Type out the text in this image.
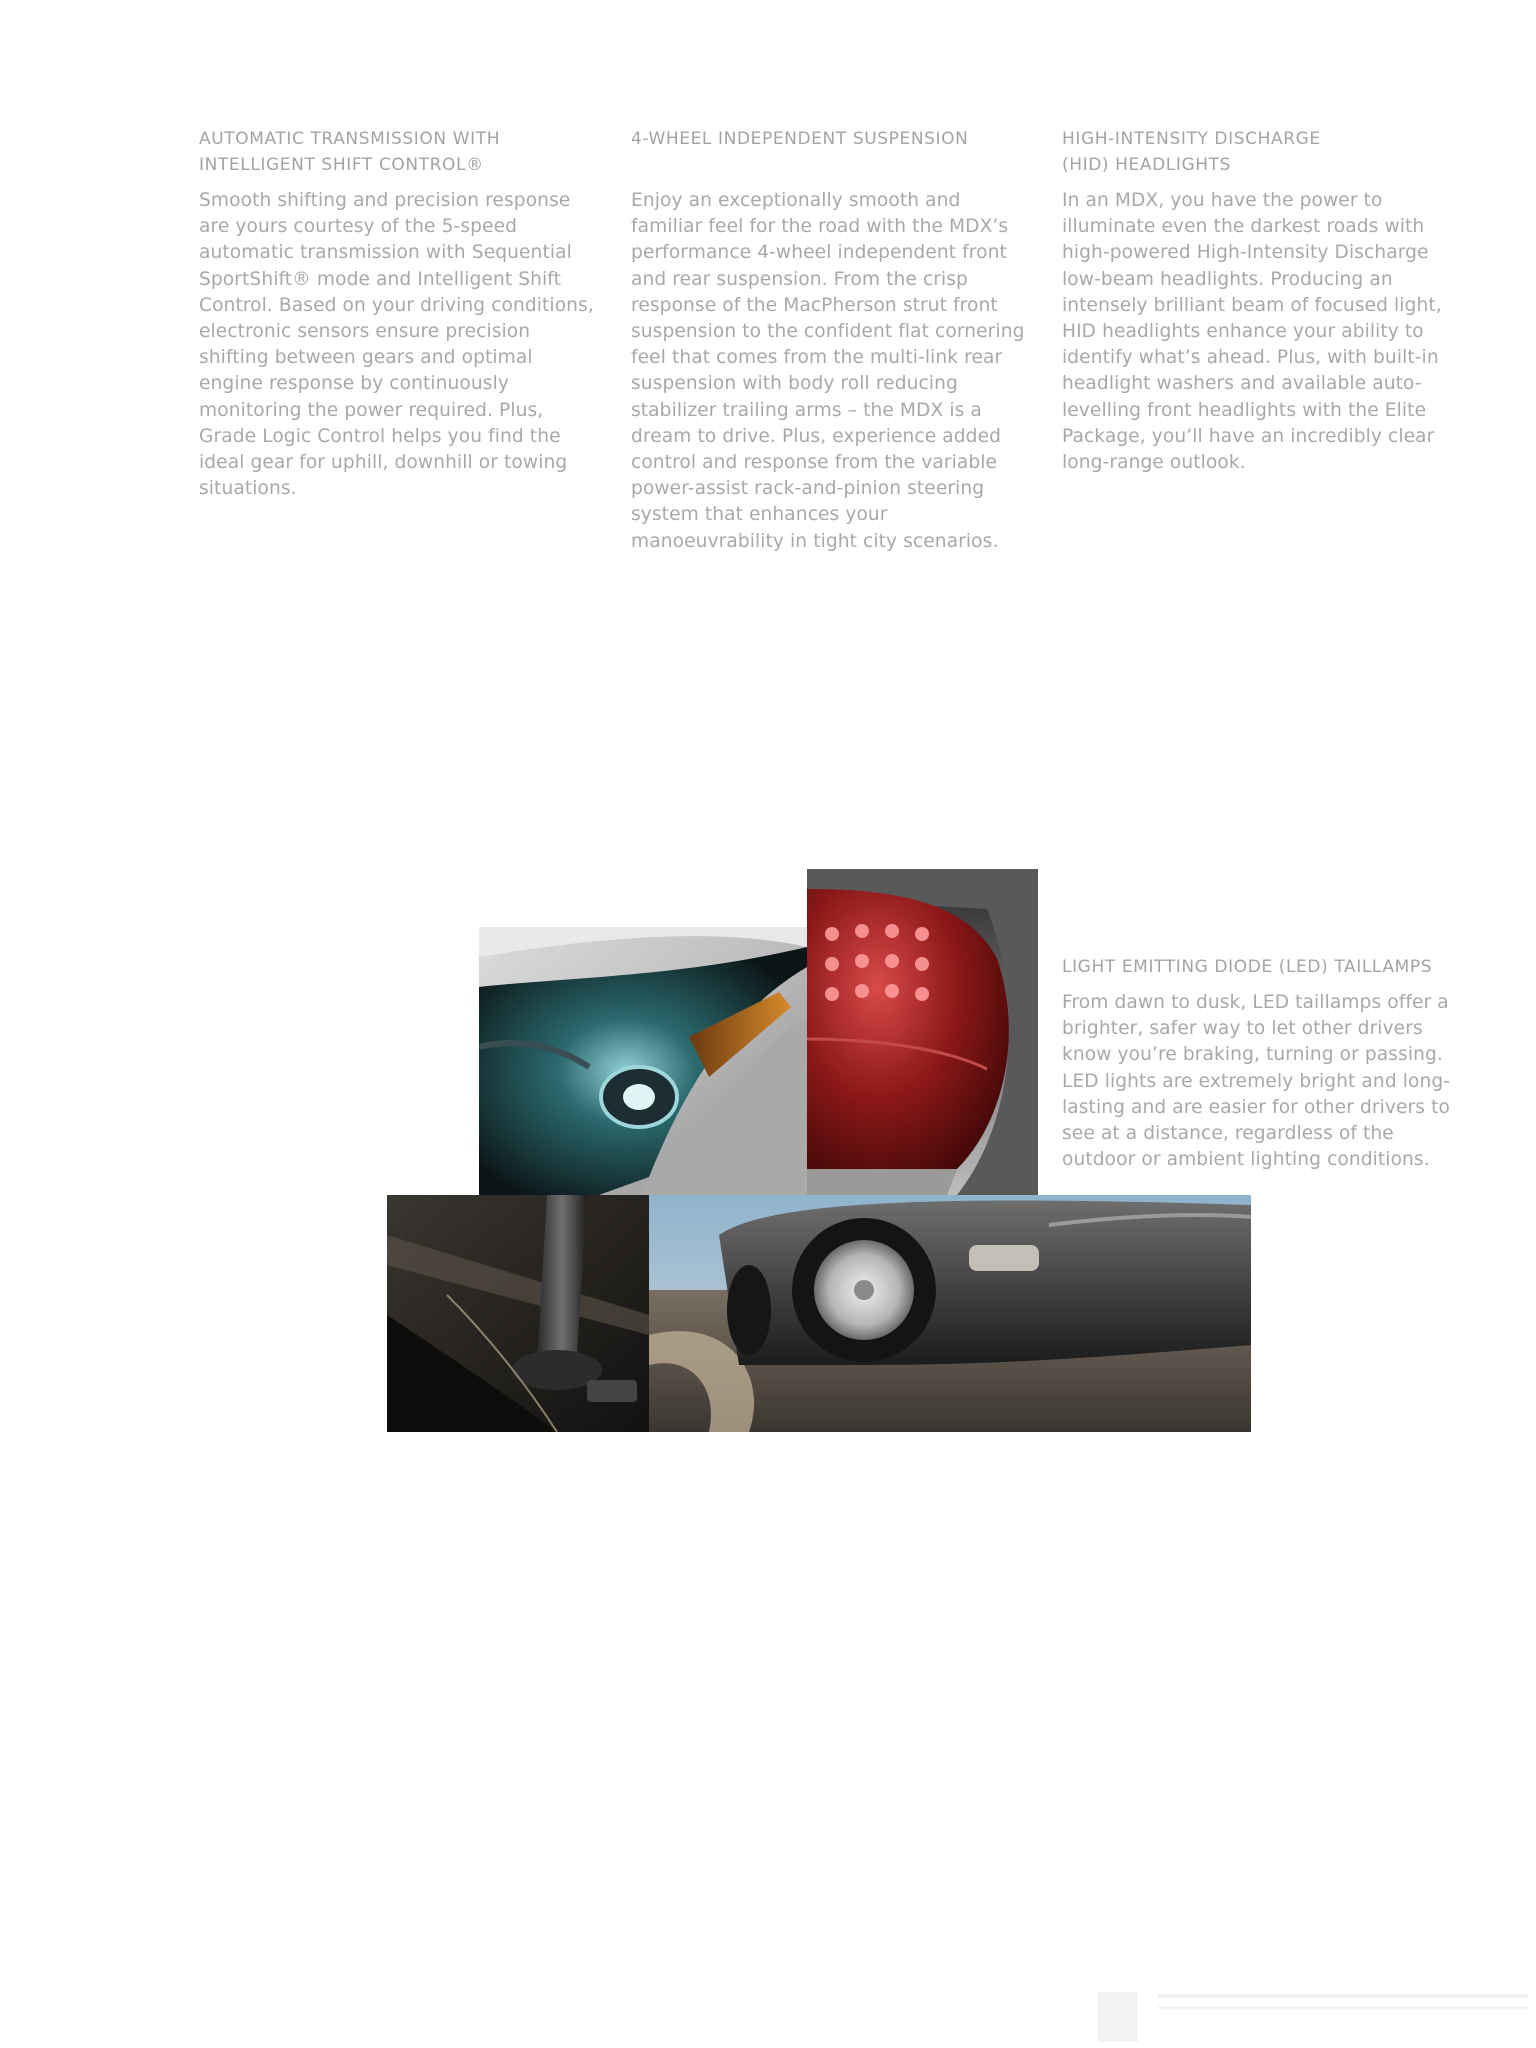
AUTOMATIC TRANSMISSION WITH
INTELLIGENT SHIFT CONTROL®

Smooth shifting and precision response are yours courtesy of the 5-speed automatic transmission with Sequential SportShift® mode and Intelligent Shift Control. Based on your driving conditions, electronic sensors ensure precision shifting between gears and optimal engine response by continuously monitoring the power required. Plus, Grade Logic Control helps you find the ideal gear for uphill, downhill or towing situations.

4-WHEEL INDEPENDENT SUSPENSION

Enjoy an exceptionally smooth and familiar feel for the road with the MDX’s performance 4-wheel independent front and rear suspension. From the crisp response of the MacPherson strut front suspension to the confident flat cornering feel that comes from the multi-link rear suspension with body roll reducing stabilizer trailing arms – the MDX is a dream to drive. Plus, experience added control and response from the variable power-assist rack-and-pinion steering system that enhances your manoeuvrability in tight city scenarios.

HIGH-INTENSITY DISCHARGE
(HID) HEADLIGHTS

In an MDX, you have the power to illuminate even the darkest roads with high-powered High-Intensity Discharge low-beam headlights. Producing an intensely brilliant beam of focused light, HID headlights enhance your ability to identify what’s ahead. Plus, with built-in headlight washers and available auto-levelling front headlights with the Elite Package, you’ll have an incredibly clear long-range outlook.

LIGHT EMITTING DIODE (LED) TAILLAMPS

From dawn to dusk, LED taillamps offer a brighter, safer way to let other drivers know you’re braking, turning or passing. LED lights are extremely bright and long-lasting and are easier for other drivers to see at a distance, regardless of the outdoor or ambient lighting conditions.
